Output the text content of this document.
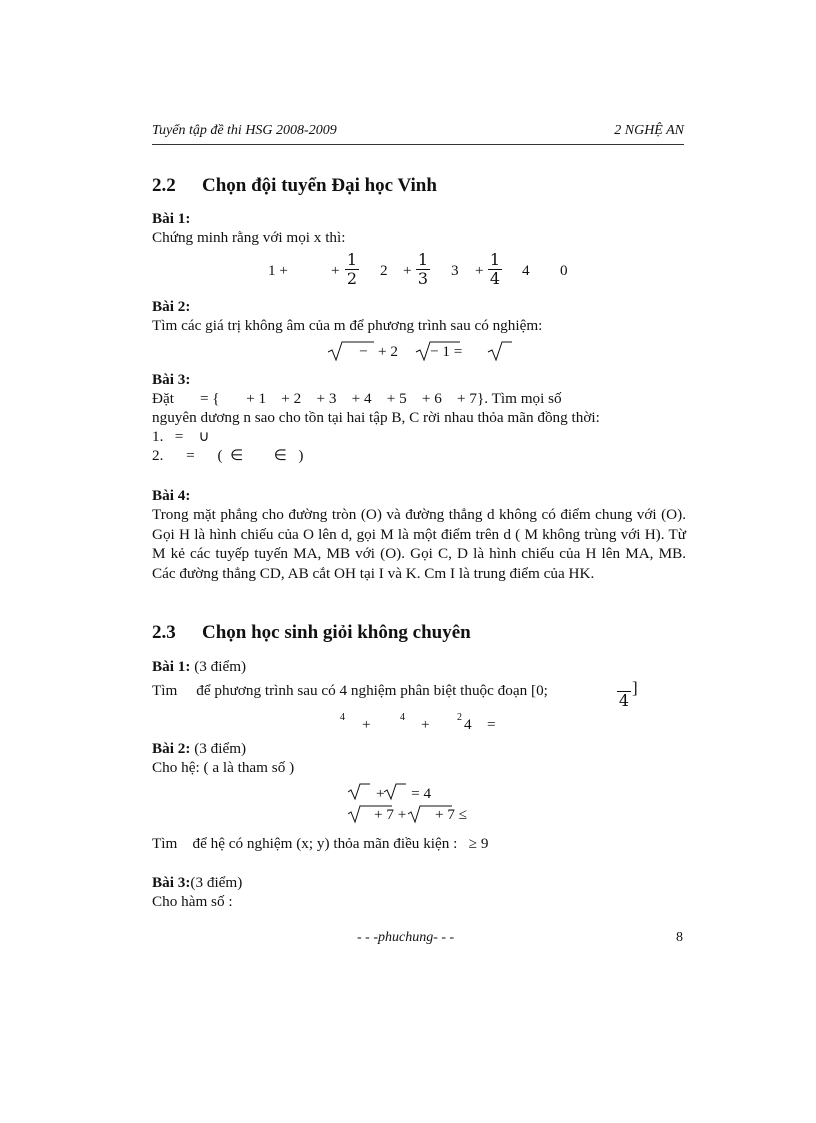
Tuyển tập đề thi HSG 2008-2009	2 NGHỆ AN
2.2 Chọn đội tuyển Đại học Vinh
Bài 1:
Chứng minh rằng với mọi x thì:
1 +	+
1
2 2 +
1
3 3 +
1
4 4 0
Bài 2:
Tìm các giá trị không âm của m để phương trình sau có nghiệm:
− + 2 − 1 =
Bài 3:
Đặt = {       + 1    + 2    + 3    + 4    + 5    + 6    + 7}. Tìm mọi số
nguyên dương n sao cho tồn tại hai tập B, C rời nhau thỏa mãn đồng thời:
1.   =    ∪
2.      =      (  ∈        ∈   )
Bài 4:
Trong mặt phẳng cho đường tròn (O) và đường thẳng d không có điểm chung với (O). Gọi H là hình chiếu của O lên d, gọi M là một điểm trên d ( M không trùng với H). Từ M kẻ các tuyếp tuyến MA, MB với (O). Gọi C, D là hình chiếu của H lên MA, MB. Các đường thẳng CD, AB cắt OH tại I và K. Cm I là trung điểm của HK.
2.3 Chọn học sinh giỏi không chuyên
Bài 1: (3 điểm)
Tìm     để phương trình sau có 4 nghiệm phân biệt thuộc đoạn [0;
4
]
4 +	4 +	2 4 =
Bài 2: (3 điểm)
Cho hệ: ( a là tham số )
+       = 4
+ 7 + + 7 ≤
Tìm    để hệ có nghiệm (x; y) thỏa mãn điều kiện : ≥ 9
Bài 3:(3 điểm)
Cho hàm số :
- - -phuchung- - -	8
